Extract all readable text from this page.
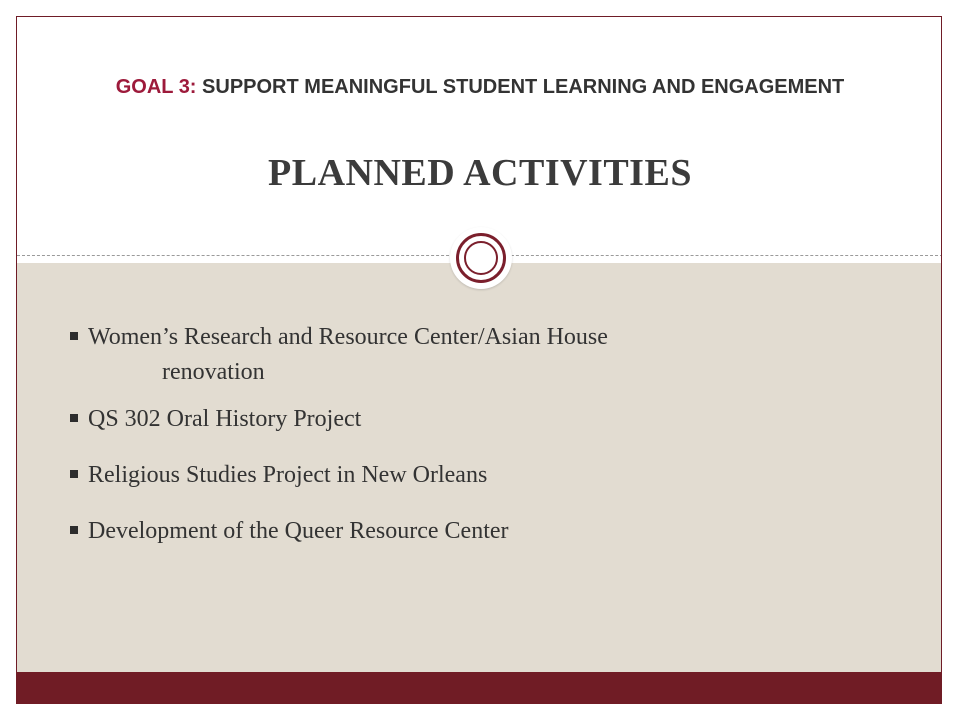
GOAL 3: SUPPORT MEANINGFUL STUDENT LEARNING AND ENGAGEMENT
PLANNED ACTIVITIES
Women’s Research and Resource Center/Asian House
renovation
QS 302 Oral History Project
Religious Studies Project in New Orleans
Development of the Queer Resource Center
